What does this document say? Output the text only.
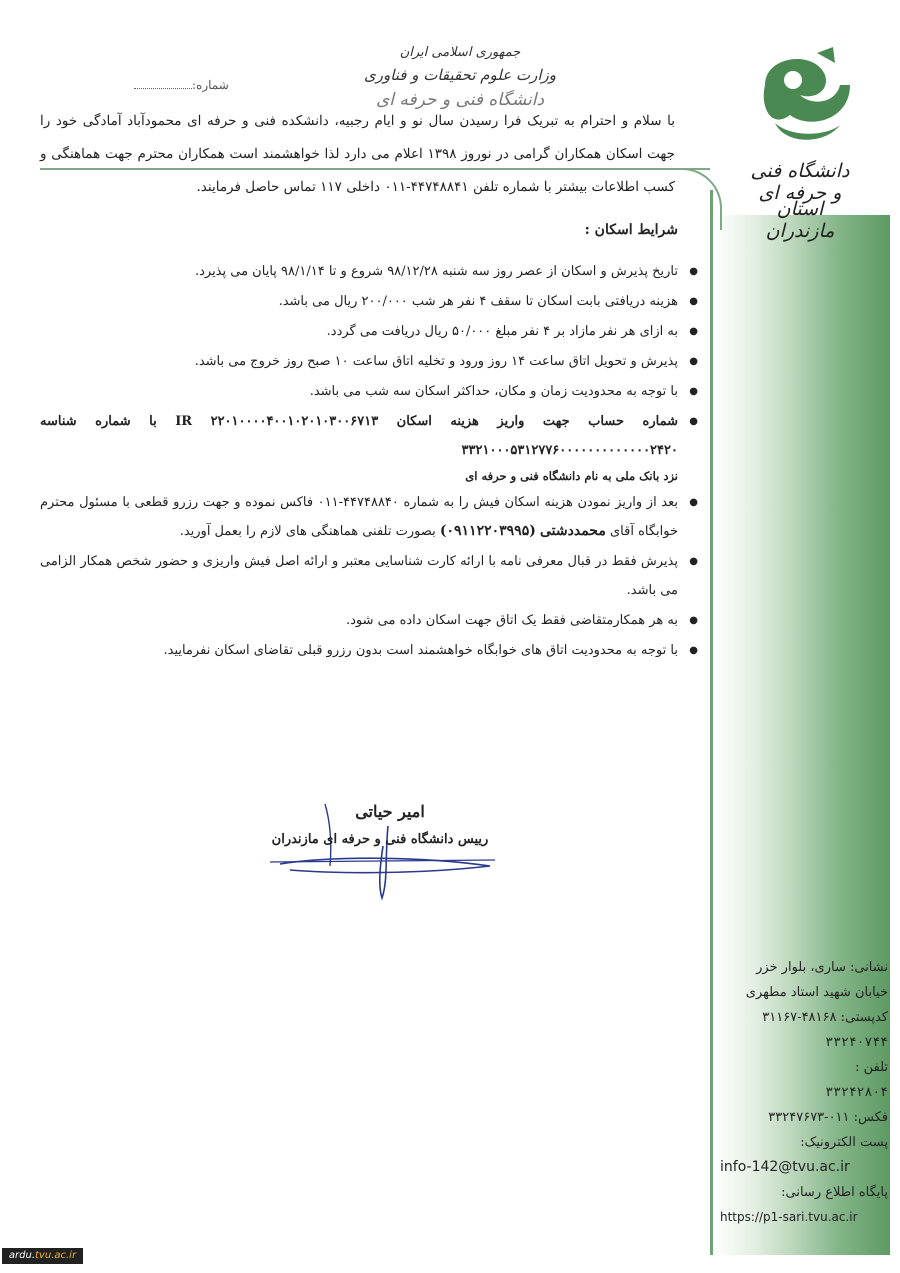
جمهوری اسلامی ایران
وزارت علوم تحقیقات و فناوری
دانشگاه فنی و حرفه ای
شماره:
دانشگاه فنی و حرفه ای
استان مازندران
با سلام و احترام به تبریک فرا رسیدن سال نو و ایام رجبیه، دانشکده فنی و حرفه ای محمودآباد آمادگی خود را جهت اسکان همکاران گرامی در نوروز ۱۳۹۸ اعلام می دارد لذا خواهشمند است همکاران محترم جهت هماهنگی و کسب اطلاعات بیشتر با شماره تلفن ۴۴۷۴۸۸۴۱-۰۱۱ داخلی ۱۱۷ تماس حاصل فرمایند.
شرایط اسکان :
● تاریخ پذیرش و اسکان از عصر روز سه شنبه ۹۸/۱۲/۲۸ شروع و تا ۹۸/۱/۱۴ پایان می پذیرد.
● هزینه دریافتی بابت اسکان تا سقف ۴ نفر هر شب ۲۰۰/۰۰۰ ریال می باشد.
● به ازای هر نفر مازاد بر ۴ نفر مبلغ ۵۰/۰۰۰ ریال دریافت می گردد.
● پذیرش و تحویل اتاق ساعت ۱۴ روز ورود و تخلیه اتاق ساعت ۱۰ صبح روز خروج می باشد.
● با توجه به محدودیت زمان و مکان، حداکثر اسکان سه شب می باشد.
● شماره حساب جهت واریز هزینه اسکان IR ۲۲۰۱۰۰۰۰۴۰۰۱۰۲۰۱۰۳۰۰۶۷۱۳ با شماره شناسه ۳۳۲۱۰۰۰۵۳۱۲۷۷۶۰۰۰۰۰۰۰۰۰۰۰۰۰۲۴۲۰
نزد بانک ملی به نام دانشگاه فنی و حرفه ای
● بعد از واریز نمودن هزینه اسکان فیش را به شماره ۴۴۷۴۸۸۴۰-۰۱۱ فاکس نموده و جهت رزرو قطعی با مسئول محترم خوابگاه آقای محمددشتی (۰۹۱۱۲۲۰۳۹۹۵) بصورت تلفنی هماهنگی های لازم را بعمل آورید.
● پذیرش فقط در قبال معرفی نامه با ارائه کارت شناسایی معتبر و ارائه اصل فیش واریزی و حضور شخص همکار الزامی می باشد.
● به هر همکارمتقاضی فقط یک اتاق جهت اسکان داده می شود.
● با توجه به محدودیت اتاق های خوابگاه خواهشمند است بدون رزرو قبلی تقاضای اسکان نفرمایید.
امیر حیاتی
رییس دانشگاه فنی و حرفه ای مازندران
نشانی: ساری، بلوار خزر
خیابان شهید استاد مطهری
کدپستی: ۴۸۱۶۸-۳۱۱۶۷
۳۳۲۴۰۷۴۴
تلفن :
۳۳۲۴۲۸۰۴
فکس: ۰۱۱-۳۳۲۴۷۶۷۳
پست الکترونیک:
info-142@tvu.ac.ir
پایگاه اطلاع رسانی:
https://p1-sari.tvu.ac.ir
ardu.tvu.ac.ir
